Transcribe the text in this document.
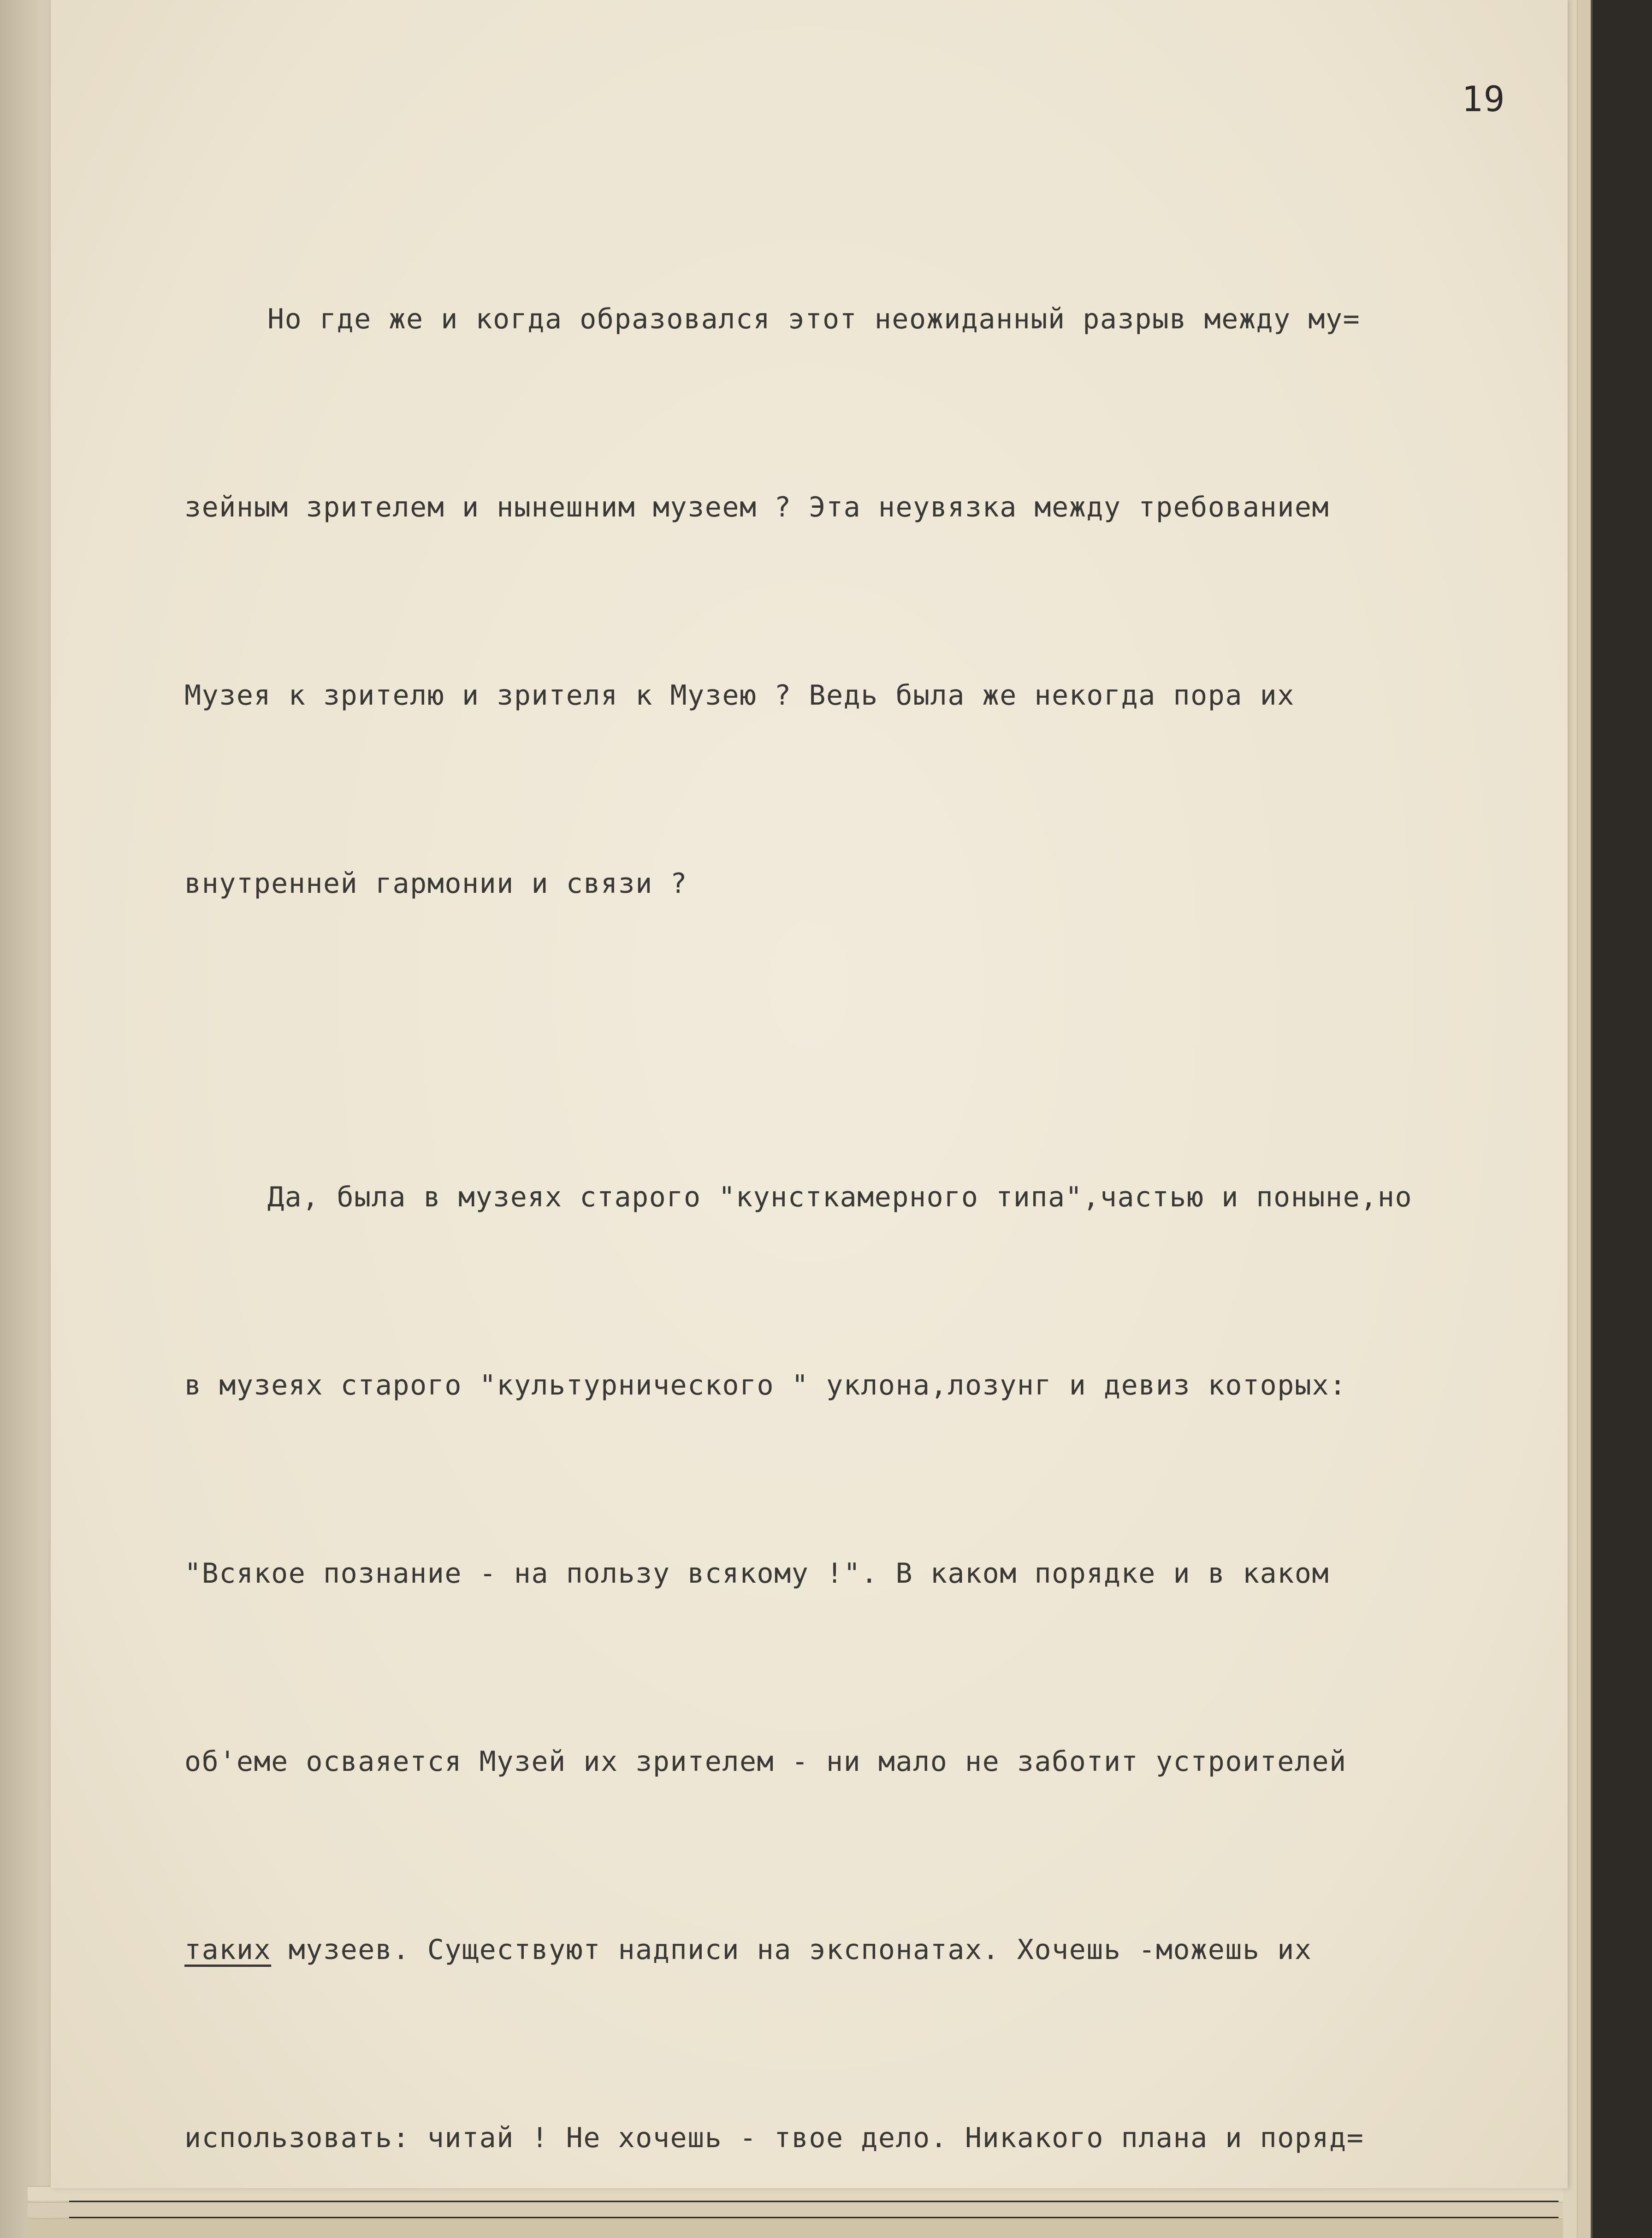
19

Но где же и когда образовался этот неожиданный разрыв между му=

зейным зрителем и нынешним музеем ? Эта неувязка между требованием

Музея к зрителю и зрителя к Музею ? Ведь была же некогда пора их

внутренней гармонии и связи ?

Да, была в музеях старого "кунсткамерного типа",частью и поныне,но

в музеях старого "культурнического " уклона,лозунг и девиз которых:

"Всякое познание - на пользу всякому !". В каком порядке и в каком

об'еме осваяется Музей их зрителем - ни мало не заботит устроителей

таких музеев. Существуют надписи на экспонатах. Хочешь -можешь их

использовать: читай ! Не хочешь - твое дело. Никакого плана и поряд=
